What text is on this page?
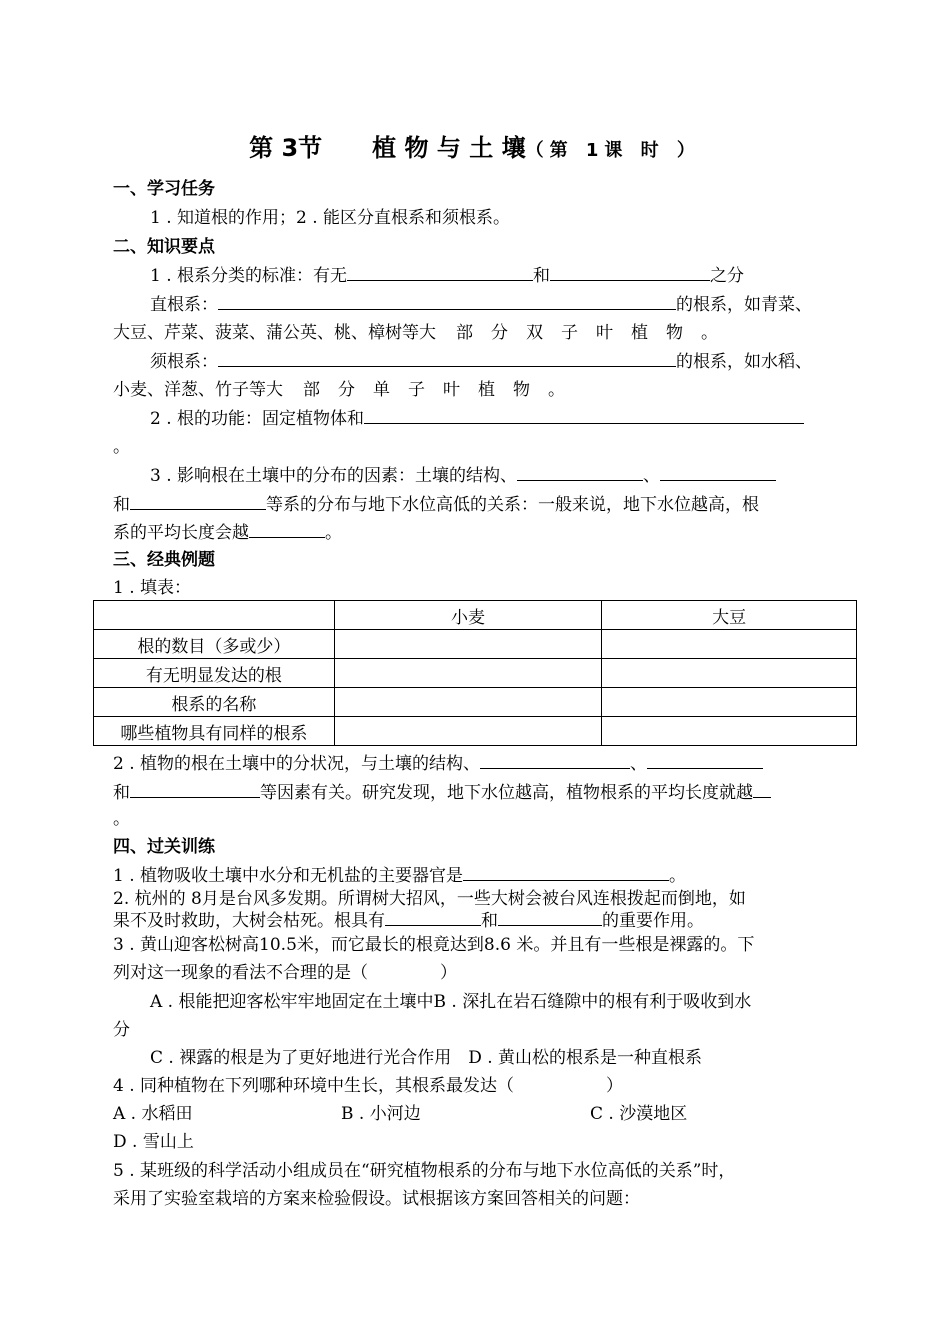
第 3节 植 物 与 土 壤（第 1课 时 ）
一、学习任务
1 . 知道根的作用；2 . 能区分直根系和须根系。
二、知识要点
1 . 根系分类的标准：有无	和	之分
直根系：	的根系，如青菜、
大豆、芹菜、菠菜、蒲公英、桃、樟树等大 部分双子叶植物。
须根系：	的根系，如水稻、
小麦、洋葱、竹子等大 部分单子叶植物。
2 . 根的功能：固定植物体和
。
3 . 影响根在土壤中的分布的因素：土壤的结构、	、
和	等系的分布与地下水位高低的关系：一般来说，地下水位越高，根
系的平均长度会越	。
三、经典例题
1 . 填表：
	小麦	大豆
根的数目（多或少）		
有无明显发达的根		
根系的名称		
哪些植物具有同样的根系		
2 . 植物的根在土壤中的分状况，与土壤的结构、	、
和	等因素有关。研究发现，地下水位越高，植物根系的平均长度就越
。
四、过关训练
1 . 植物吸收土壤中水分和无机盐的主要器官是	。
2. 杭州的 8月是台风多发期。所谓树大招风，一些大树会被台风连根拨起而倒地，如
果不及时救助，大树会枯死。根具有	和	的重要作用。
3 . 黄山迎客松树高10.5米，而它最长的根竟达到8.6 米。并且有一些根是裸露的。下
列对这一现象的看法不合理的是（	）
A . 根能把迎客松牢牢地固定在土壤中B . 深扎在岩石缝隙中的根有利于吸收到水
分
C . 裸露的根是为了更好地进行光合作用　D . 黄山松的根系是一种直根系
4 . 同种植物在下列哪种环境中生长，其根系最发达（	）
A . 水稻田	B . 小河边	C . 沙漠地区
D . 雪山上
5 . 某班级的科学活动小组成员在“研究植物根系的分布与地下水位高低的关系”时，
采用了实验室栽培的方案来检验假设。试根据该方案回答相关的问题：
